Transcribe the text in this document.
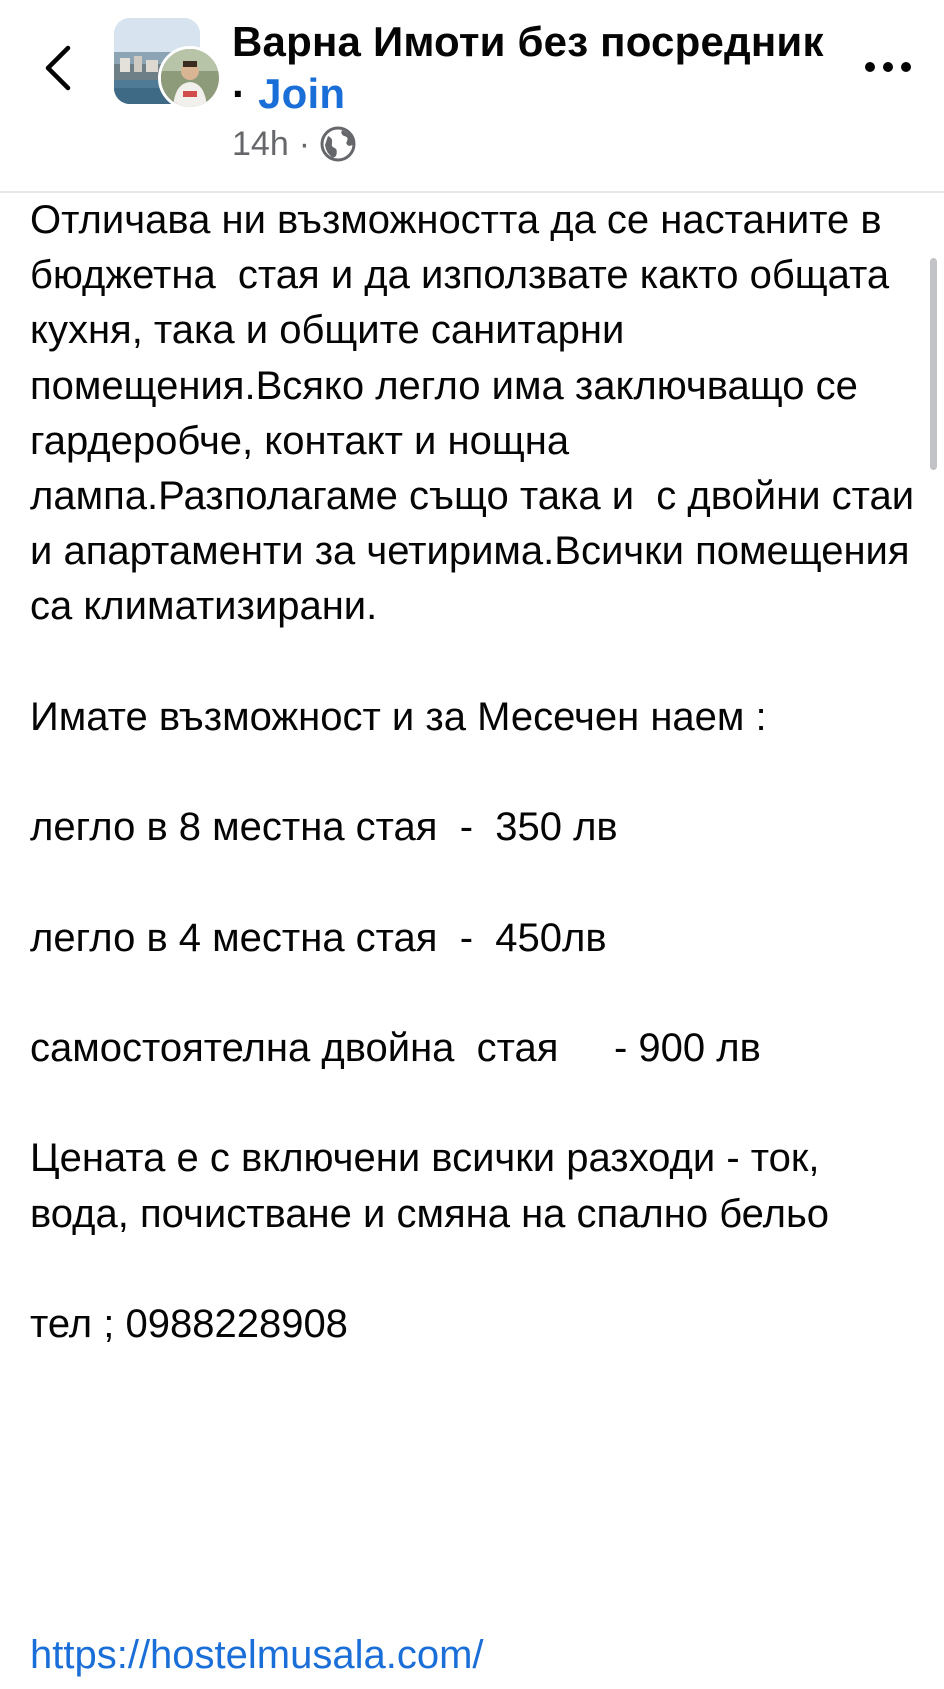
Варна Имоти без посредник · Join
14h ·
Отличава ни възможността да се настаните в бюджетна  стая и да използвате както общата кухня, така и общите санитарни помещения.Всяко легло има заключващо се гардеробче, контакт и нощна лампа.Разполагаме също така и  с двойни стаи и апартаменти за четирима.Всички помещения са климатизирани.

Имате възможност и за Месечен наем :

легло в 8 местна стая  -  350 лв

легло в 4 местна стая  -  450лв

самостоятелна двойна  стая     - 900 лв

Цената е с включени всички разходи - ток, вода, почистване и смяна на спално бельо

тел ; 0988228908

https://hostelmusala.com/
